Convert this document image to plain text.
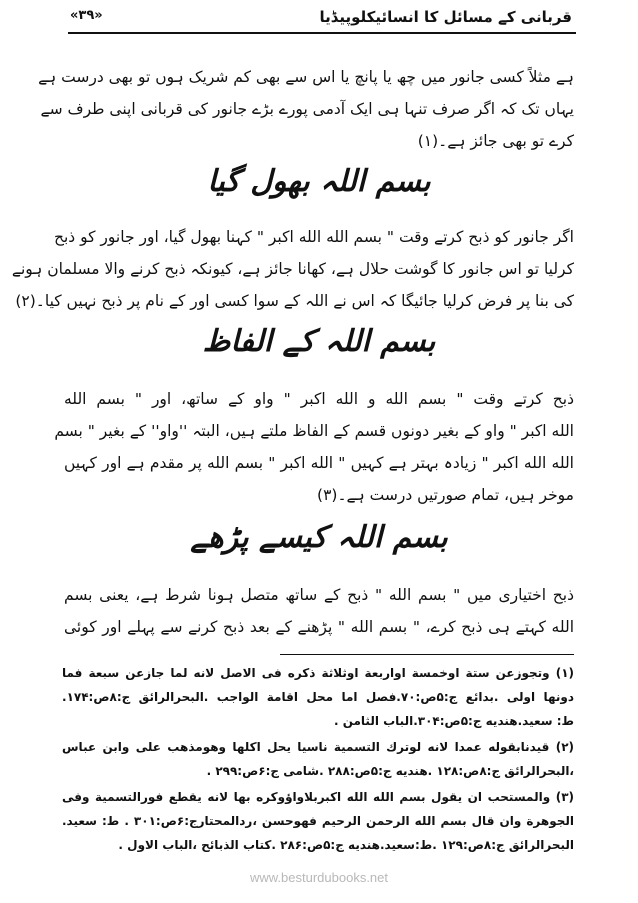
قربانی کے مسائل کا انسائیکلوپیڈیا
«۳۹»
ہے مثلاً کسی جانور میں چھ یا پانچ یا اس سے بھی کم شریک ہوں تو بھی درست ہے
یہاں تک کہ اگر صرف تنہا ہی ایک آدمی پورے بڑے جانور کی قربانی اپنی طرف سے
کرے تو بھی جائز ہے۔(۱)
بسم اللہ بھول گیا
اگر جانور کو ذبح کرتے وقت " بسم الله الله اکبر " کہنا بھول گیا، اور جانور کو ذبح
کرلیا تو اس جانور کا گوشت حلال ہے، کھانا جائز ہے، کیونکہ ذبح کرنے والا مسلمان ہونے
کی بنا پر فرض کرلیا جائیگا کہ اس نے اللہ کے سوا کسی اور کے نام پر ذبح نہیں کیا۔(۲)
بسم اللہ کے الفاظ
ذبح کرتے وقت " بسم الله و الله اکبر " واو کے ساتھ، اور " بسم الله
الله اکبر " واو کے بغیر دونوں قسم کے الفاظ ملتے ہیں، البتہ ''واو'' کے بغیر " بسم
الله الله اکبر " زیادہ بہتر ہے کہیں " الله اکبر " بسم الله پر مقدم ہے اور کہیں
موخر ہیں، تمام صورتیں درست ہے۔(۳)
بسم اللہ کیسے پڑھے
ذبح اختیاری میں " بسم الله " ذبح کے ساتھ متصل ہونا شرط ہے، یعنی بسم
الله کہتے ہی ذبح کرے، " بسم الله " پڑھنے کے بعد ذبح کرنے سے پہلے اور کوئی
(۱) وتجوزعن ستة اوخمسة اواربعة اوثلاثة ذكره فى الاصل لانه لما جازعن سبعة فما
دونها اولى .بدائع ج:۵ص:۷۰.فصل اما محل اقامة الواجب .البحرالرائق ج:۸ص:۱۷۴.
ط: سعيد.هنديه ج:۵ص:۳۰۴.الباب الثامن .
(۲) قيدنابقوله عمدا لانه لوترك التسمية ناسيا يحل اكلها وهومذهب على وابن عباس
،البحرالرائق ج:۸ص:۱۲۸ .هنديه ج:۵ص:۲۸۸ .شامى ج:۶ص:۲۹۹ .
(۳) والمستحب ان يقول بسم الله الله اكبربلاواؤوكره بها لانه يقطع فورالتسمية وفى
الجوهرة وان قال بسم الله الرحمن الرحيم فهوحسن ،ردالمحتارج:۶ص:۳۰۱ . ط: سعيد.
البحرالرائق ج:۸ص:۱۲۹ .ط:سعيد.هنديه ج:۵ص:۲۸۶ .كتاب الذبائح ،الباب الاول .
www.besturdubooks.net
